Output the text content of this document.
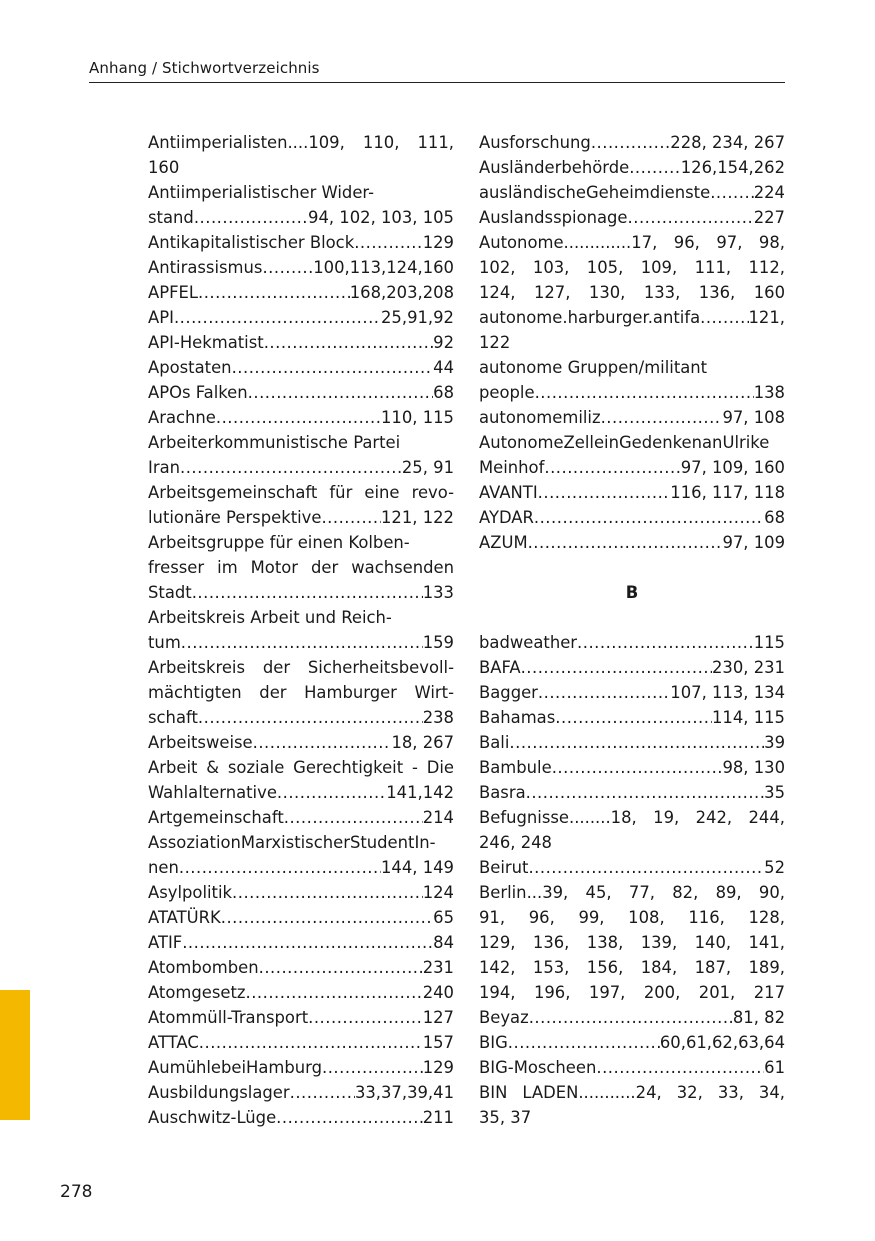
Anhang / Stichwortverzeichnis
Antiimperialisten....109, 110, 111,
160
Antiimperialistischer Wider-
stand .....	94, 102, 103, 105
Antikapitalistischer Block .....	129
Antirassismus .....	100,113,124,160
APFEL .....	168,203,208
API .....	25,91,92
API-Hekmatist .....	92
Apostaten .....	44
APOs Falken .....	68
Arachne .....	110, 115
Arbeiterkommunistische Partei
Iran .....	25, 91
Arbeitsgemeinschaft für eine revo-
lutionäre Perspektive .....	121, 122
Arbeitsgruppe für einen Kolben-
fresser im Motor der wachsenden
Stadt .....	133
Arbeitskreis Arbeit und Reich-
tum .....	159
Arbeitskreis der Sicherheitsbevoll-
mächtigten der Hamburger Wirt-
schaft .....	238
Arbeitsweise .....	18, 267
Arbeit & soziale Gerechtigkeit - Die
Wahlalternative .....	141,142
Artgemeinschaft .....	214
AssoziationMarxistischerStudentIn-
nen .....	144, 149
Asylpolitik .....	124
ATATÜRK .....	65
ATIF .....	84
Atombomben .....	231
Atomgesetz .....	240
Atommüll-Transport .....	127
ATTAC .....	157
AumühlebeiHamburg .....	129
Ausbildungslager .....	33,37,39,41
Auschwitz-Lüge .....	211
Ausforschung .....	228, 234, 267
Ausländerbehörde .....	126,154,262
ausländischeGeheimdienste .....	224
Auslandsspionage .....	227
Autonome.............17, 96, 97, 98,
102, 103, 105, 109, 111, 112,
124, 127, 130, 133, 136, 160
autonome.harburger.antifa .....	121,
122
autonome Gruppen/militant
people .....	138
autonomemiliz .....	97, 108
AutonomeZelleinGedenkenanUlrike
Meinhof .....	97, 109, 160
AVANTI .....	116, 117, 118
AYDAR .....	68
AZUM .....	97, 109
B
badweather .....	115
BAFA .....	230, 231
Bagger .....	107, 113, 134
Bahamas .....	114, 115
Bali .....	39
Bambule .....	98, 130
Basra .....	35
Befugnisse........18, 19, 242, 244,
246, 248
Beirut .....	52
Berlin...39, 45, 77, 82, 89, 90,
91, 96, 99, 108, 116, 128,
129, 136, 138, 139, 140, 141,
142, 153, 156, 184, 187, 189,
194, 196, 197, 200, 201, 217
Beyaz .....	81, 82
BIG .....	60,61,62,63,64
BIG-Moscheen .....	61
BIN LADEN...........24, 32, 33, 34,
35, 37
278
